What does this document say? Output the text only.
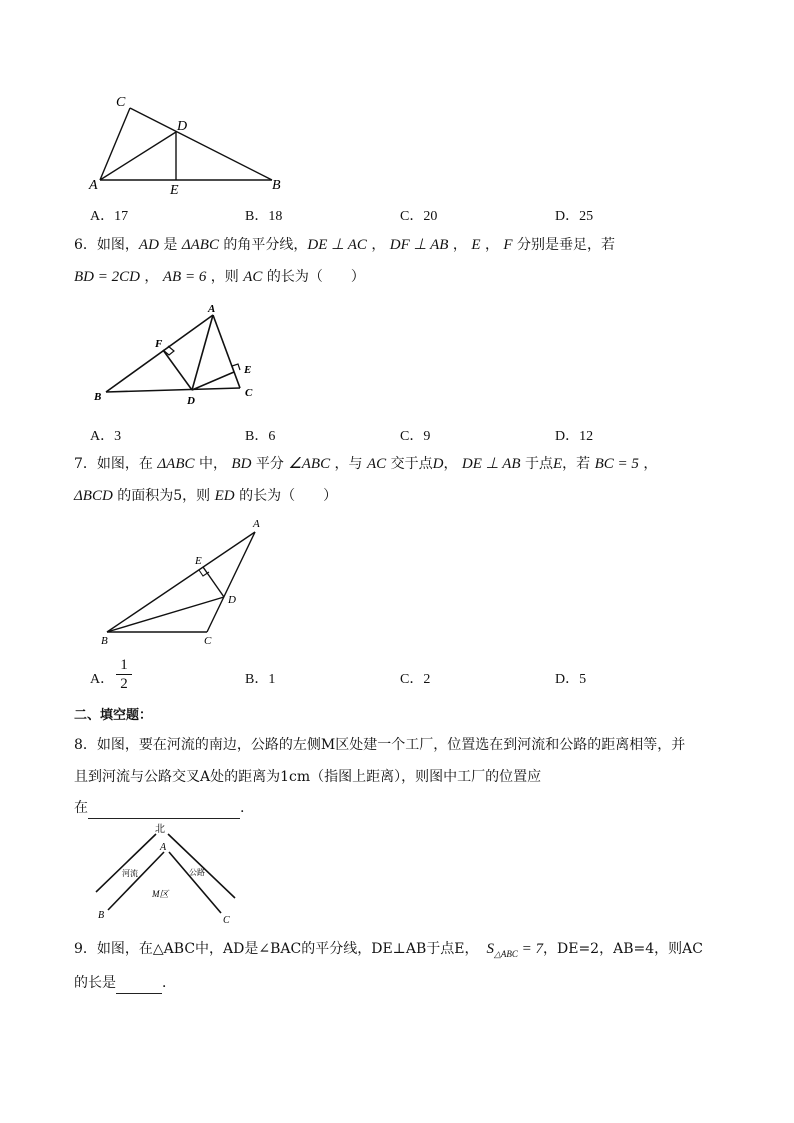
C
D
A	E	B
A．17	B．18	C．20	D．25
6．如图，AD 是 ΔABC 的角平分线，DE ⊥ AC ， DF ⊥ AB ， E ， F 分别是垂足，若
BD = 2CD ， AB = 6 ，则 AC 的长为（　　）
A
F
E
B	D
C
A．3	B．6	C．9	D．12
7．如图，在 ΔABC 中， BD 平分 ∠ABC ，与 AC 交于点D， DE ⊥ AB 于点E，若 BC = 5 ，
ΔBCD 的面积为5，则 ED 的长为（　　）
A
E
D
B	C
A．
1
2	B．1	C．2	D．5
二、填空题：
8．如图，要在河流的南边，公路的左侧M区处建一个工厂，位置选在到河流和公路的距离相等，并
且到河流与公路交叉A处的距离为1cm（指图上距离），则图中工厂的位置应
在	.
北
A
河流	公路
M区
B	C
9．如图，在△ABC中，AD是∠BAC的平分线，DE⊥AB于点E， $S_{\triangle ABC} = 7$，DE=2，AB=4，则AC
的长是	．
